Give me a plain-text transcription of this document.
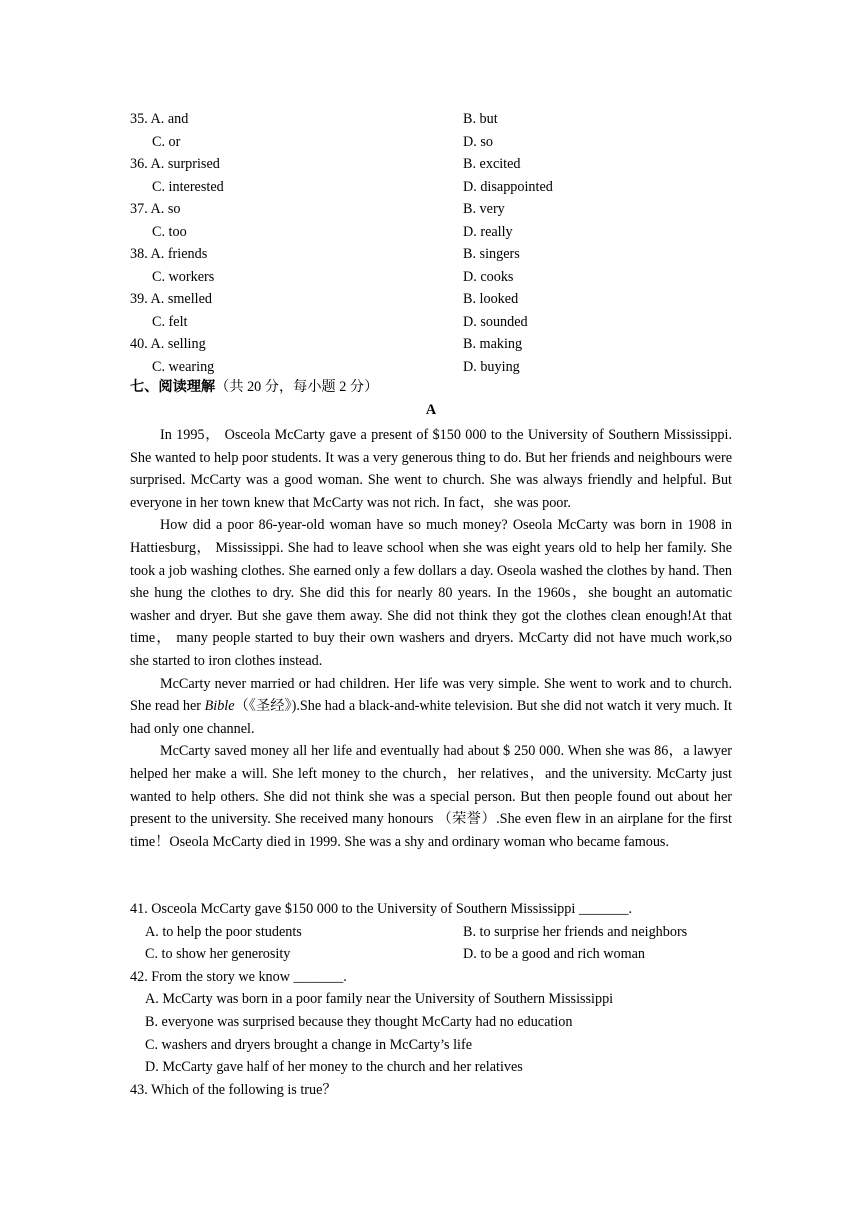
35. A. and	B. but
C. or	D. so
36. A. surprised	B. excited
C. interested	D. disappointed
37. A. so	B. very
C. too	D. really
38. A. friends	B. singers
C. workers	D. cooks
39. A. smelled	B. looked
C. felt	D. sounded
40. A. selling	B. making
C. wearing	D. buying
七、阅读理解（共 20 分，每小题 2 分）
A

In 1995， Osceola McCarty gave a present of $150 000 to the University of Southern Mississippi. She wanted to help poor students. It was a very generous thing to do. But her friends and neighbours were surprised. McCarty was a good woman. She went to church. She was always friendly and helpful. But everyone in her town knew that McCarty was not rich. In fact，she was poor.

How did a poor 86-year-old woman have so much money? Oseola McCarty was born in 1908 in Hattiesburg， Mississippi. She had to leave school when she was eight years old to help her family. She took a job washing clothes. She earned only a few dollars a day. Oseola washed the clothes by hand. Then she hung the clothes to dry. She did this for nearly 80 years. In the 1960s，she bought an automatic washer and dryer. But she gave them away. She did not think they got the clothes clean enough!At that time， many people started to buy their own washers and dryers. McCarty did not have much work,so she started to iron clothes instead.

McCarty never married or had children. Her life was very simple. She went to work and to church. She read her Bible（《圣经》).She had a black-and-white television. But she did not watch it very much. It had only one channel.

McCarty saved money all her life and eventually had about $ 250 000. When she was 86，a lawyer helped her make a will. She left money to the church，her relatives，and the university. McCarty just wanted to help others. She did not think she was a special person. But then people found out about her present to the university. She received many honours （荣誉）.She even flew in an airplane for the first time！Oseola McCarty died in 1999. She was a shy and ordinary woman who became famous.

41. Osceola McCarty gave $150 000 to the University of Southern Mississippi _______.
A. to help the poor students	B. to surprise her friends and neighbors
C. to show her generosity	D. to be a good and rich woman
42. From the story we know _______.
A. McCarty was born in a poor family near the University of Southern Mississippi
B. everyone was surprised because they thought McCarty had no education
C. washers and dryers brought a change in McCarty’s life
D. McCarty gave half of her money to the church and her relatives
43. Which of the following is true？
